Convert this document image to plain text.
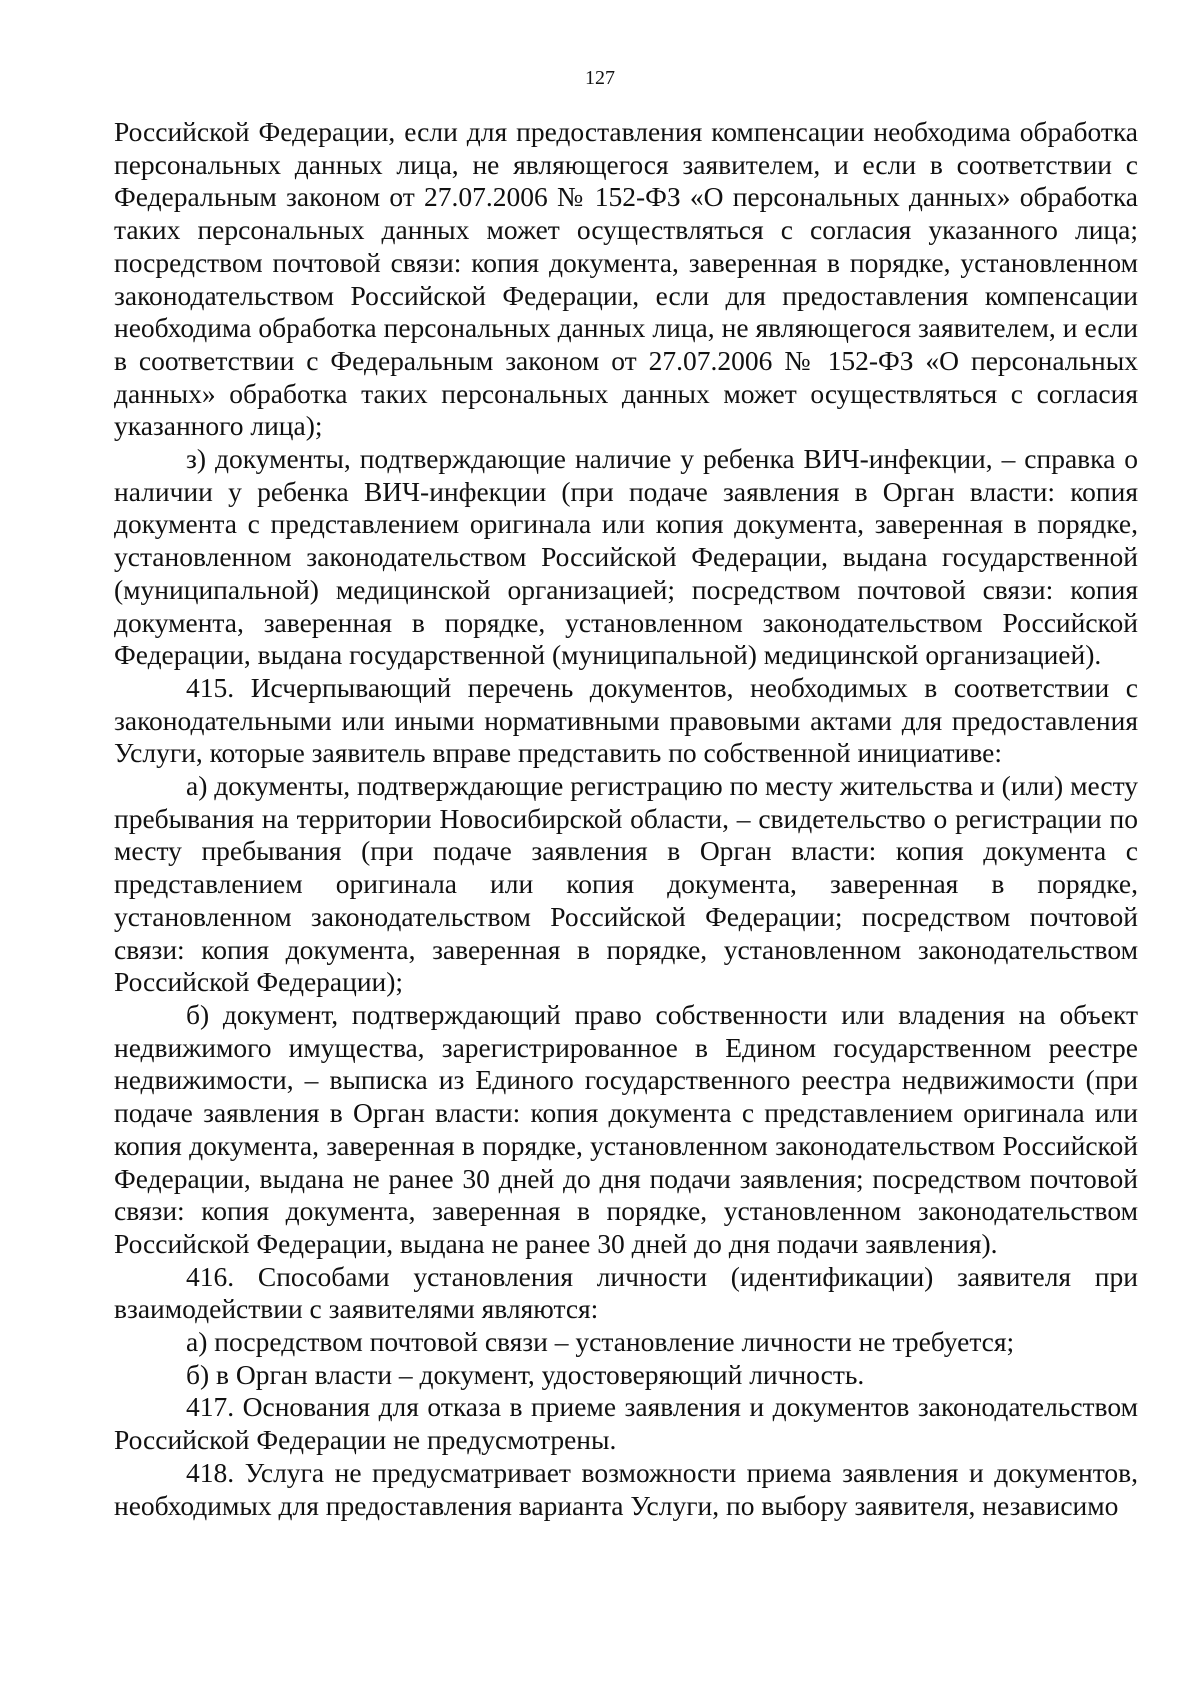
127

Российской Федерации, если для предоставления компенсации необходима обработка персональных данных лица, не являющегося заявителем, и если в соответствии с Федеральным законом от 27.07.2006 № 152-ФЗ «О персональных данных» обработка таких персональных данных может осуществляться с согласия указанного лица; посредством почтовой связи: копия документа, заверенная в порядке, установленном законодательством Российской Федерации, если для предоставления компенсации необходима обработка персональных данных лица, не являющегося заявителем, и если в соответствии с Федеральным законом от 27.07.2006 № 152-ФЗ «О персональных данных» обработка таких персональных данных может осуществляться с согласия указанного лица);

з) документы, подтверждающие наличие у ребенка ВИЧ-инфекции, – справка о наличии у ребенка ВИЧ-инфекции (при подаче заявления в Орган власти: копия документа с представлением оригинала или копия документа, заверенная в порядке, установленном законодательством Российской Федерации, выдана государственной (муниципальной) медицинской организацией; посредством почтовой связи: копия документа, заверенная в порядке, установленном законодательством Российской Федерации, выдана государственной (муниципальной) медицинской организацией).

415. Исчерпывающий перечень документов, необходимых в соответствии с законодательными или иными нормативными правовыми актами для предоставления Услуги, которые заявитель вправе представить по собственной инициативе:

а) документы, подтверждающие регистрацию по месту жительства и (или) месту пребывания на территории Новосибирской области, – свидетельство о регистрации по месту пребывания (при подаче заявления в Орган власти: копия документа с представлением оригинала или копия документа, заверенная в порядке, установленном законодательством Российской Федерации; посредством почтовой связи: копия документа, заверенная в порядке, установленном законодательством Российской Федерации);

б) документ, подтверждающий право собственности или владения на объект недвижимого имущества, зарегистрированное в Едином государственном реестре недвижимости, – выписка из Единого государственного реестра недвижимости (при подаче заявления в Орган власти: копия документа с представлением оригинала или копия документа, заверенная в порядке, установленном законодательством Российской Федерации, выдана не ранее 30 дней до дня подачи заявления; посредством почтовой связи: копия документа, заверенная в порядке, установленном законодательством Российской Федерации, выдана не ранее 30 дней до дня подачи заявления).

416. Способами установления личности (идентификации) заявителя при взаимодействии с заявителями являются:

а) посредством почтовой связи – установление личности не требуется;

б) в Орган власти – документ, удостоверяющий личность.

417. Основания для отказа в приеме заявления и документов законодательством Российской Федерации не предусмотрены.

418. Услуга не предусматривает возможности приема заявления и документов, необходимых для предоставления варианта Услуги, по выбору заявителя, независимо
